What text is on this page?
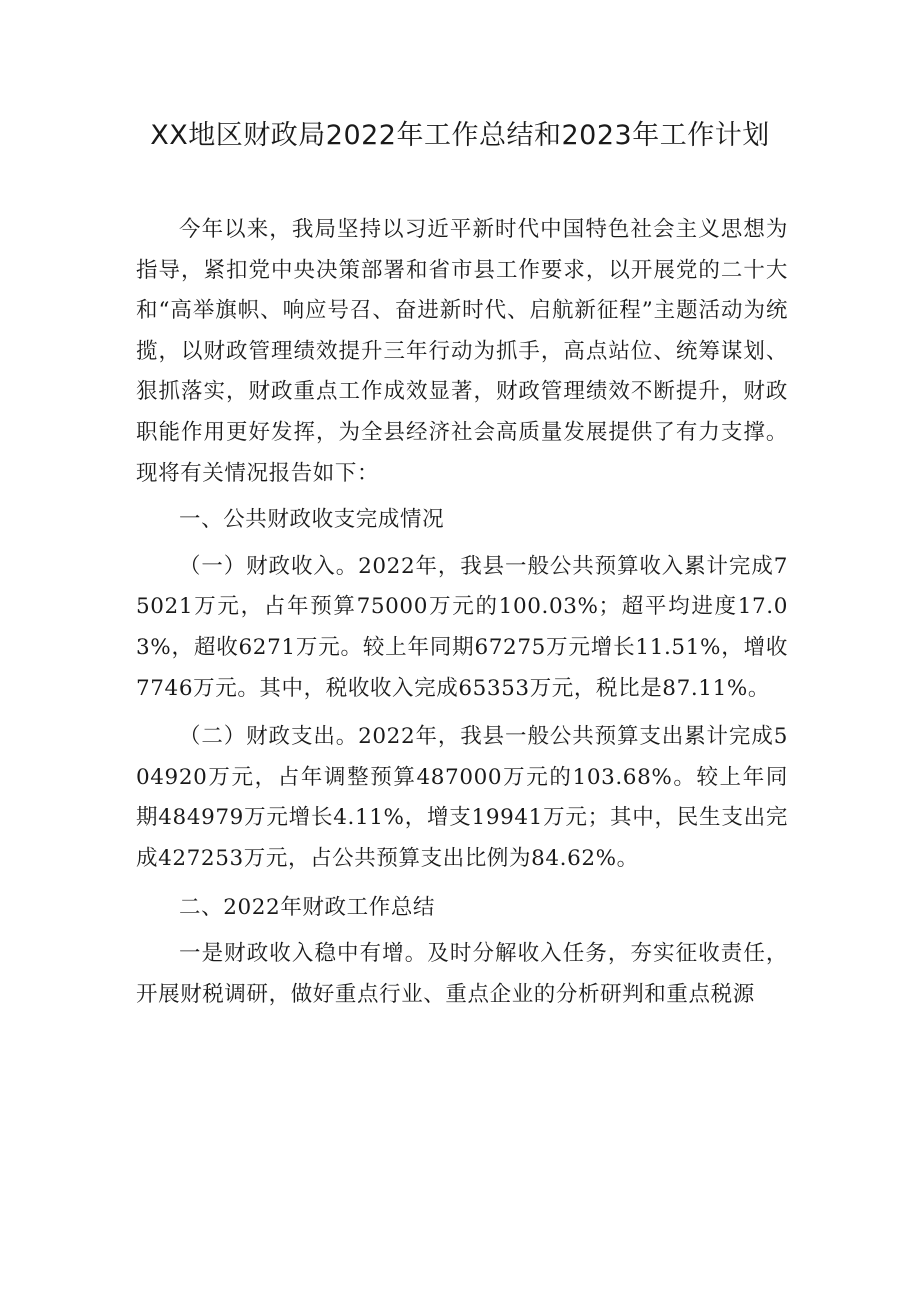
XX地区财政局2022年工作总结和2023年工作计划

今年以来，我局坚持以习近平新时代中国特色社会主义思想为指导，紧扣党中央决策部署和省市县工作要求，以开展党的二十大和“高举旗帜、响应号召、奋进新时代、启航新征程”主题活动为统揽，以财政管理绩效提升三年行动为抓手，高点站位、统筹谋划、狠抓落实，财政重点工作成效显著，财政管理绩效不断提升，财政职能作用更好发挥，为全县经济社会高质量发展提供了有力支撑。现将有关情况报告如下：

一、公共财政收支完成情况

（一）财政收入。2022年，我县一般公共预算收入累计完成75021万元，占年预算75000万元的100.03%；超平均进度17.03%，超收6271万元。较上年同期67275万元增长11.51%，增收7746万元。其中，税收收入完成65353万元，税比是87.11%。

（二）财政支出。2022年，我县一般公共预算支出累计完成504920万元，占年调整预算487000万元的103.68%。较上年同期484979万元增长4.11%，增支19941万元；其中，民生支出完成427253万元，占公共预算支出比例为84.62%。

二、2022年财政工作总结

一是财政收入稳中有增。及时分解收入任务，夯实征收责任，开展财税调研，做好重点行业、重点企业的分析研判和重点税源
